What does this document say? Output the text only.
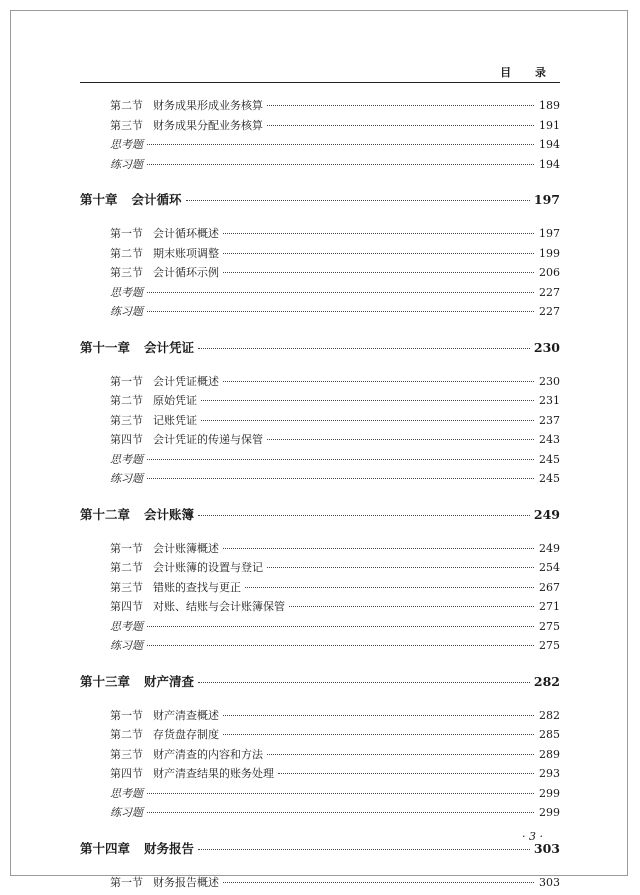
目 录
第二节 财务成果形成业务核算	189
第三节 财务成果分配业务核算	191
思考题	194
练习题	194
第十章 会计循环	197
第一节 会计循环概述	197
第二节 期末账项调整	199
第三节 会计循环示例	206
思考题	227
练习题	227
第十一章 会计凭证	230
第一节 会计凭证概述	230
第二节 原始凭证	231
第三节 记账凭证	237
第四节 会计凭证的传递与保管	243
思考题	245
练习题	245
第十二章 会计账簿	249
第一节 会计账簿概述	249
第二节 会计账簿的设置与登记	254
第三节 错账的查找与更正	267
第四节 对账、结账与会计账簿保管	271
思考题	275
练习题	275
第十三章 财产清查	282
第一节 财产清查概述	282
第二节 存货盘存制度	285
第三节 财产清查的内容和方法	289
第四节 财产清查结果的账务处理	293
思考题	299
练习题	299
第十四章 财务报告	303
第一节 财务报告概述	303
· 3 ·
